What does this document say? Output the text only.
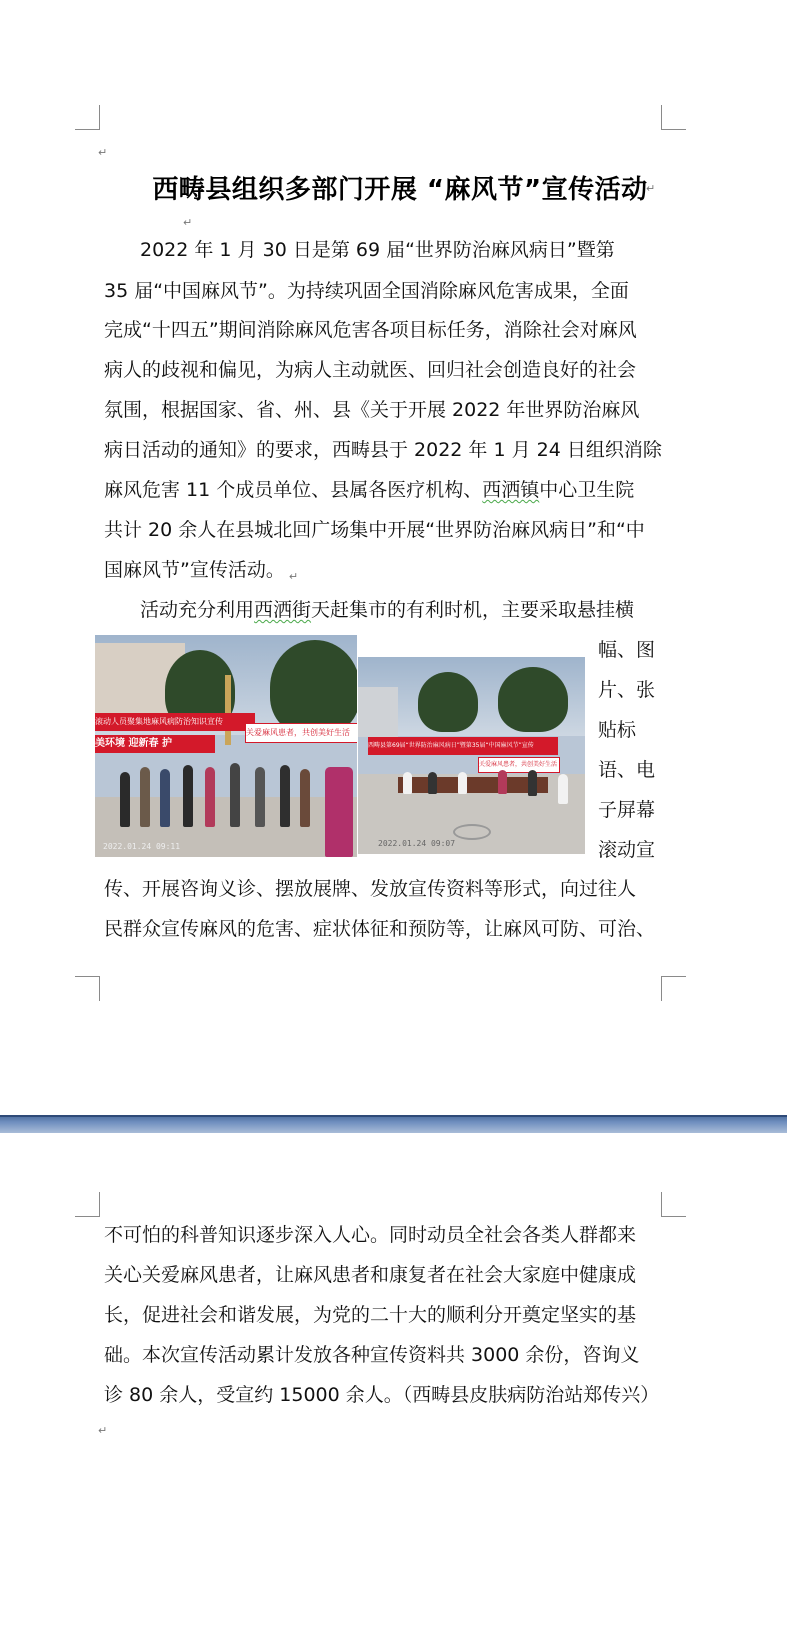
↵
西畴县组织多部门开展 “麻风节”宣传活动
↵
↵
2022 年 1 月 30 日是第 69 届“世界防治麻风病日”暨第
35 届“中国麻风节”。为持续巩固全国消除麻风危害成果，全面
完成“十四五”期间消除麻风危害各项目标任务，消除社会对麻风
病人的歧视和偏见，为病人主动就医、回归社会创造良好的社会
氛围，根据国家、省、州、县《关于开展 2022 年世界防治麻风
病日活动的通知》的要求，西畴县于 2022 年 1 月 24 日组织消除
麻风危害 11 个成员单位、县属各医疗机构、西洒镇中心卫生院
共计 20 余人在县城北回广场集中开展“世界防治麻风病日”和“中
国麻风节”宣传活动。 $_↵$
活动充分利用西洒街天赶集市的有利时机，主要采取悬挂横
滚动人员聚集地麻风病防治知识宣传
美环境 迎新春 护
关爱麻风患者，共创美好生活
2022.01.24 09:11
西畴县第69届“世界防治麻风病日”暨第35届“中国麻风节”宣传
关爱麻风患者，共创美好生活
2022.01.24 09:07
幅、图
片、张
贴标
语、电
子屏幕
滚动宣
传、开展咨询义诊、摆放展牌、发放宣传资料等形式，向过往人
民群众宣传麻风的危害、症状体征和预防等，让麻风可防、可治、
不可怕的科普知识逐步深入人心。同时动员全社会各类人群都来
关心关爱麻风患者，让麻风患者和康复者在社会大家庭中健康成
长，促进社会和谐发展，为党的二十大的顺利分开奠定坚实的基
础。本次宣传活动累计发放各种宣传资料共 3000 余份，咨询义
诊 80 余人，受宣约 15000 余人。（西畴县皮肤病防治站郑传兴）
↵
